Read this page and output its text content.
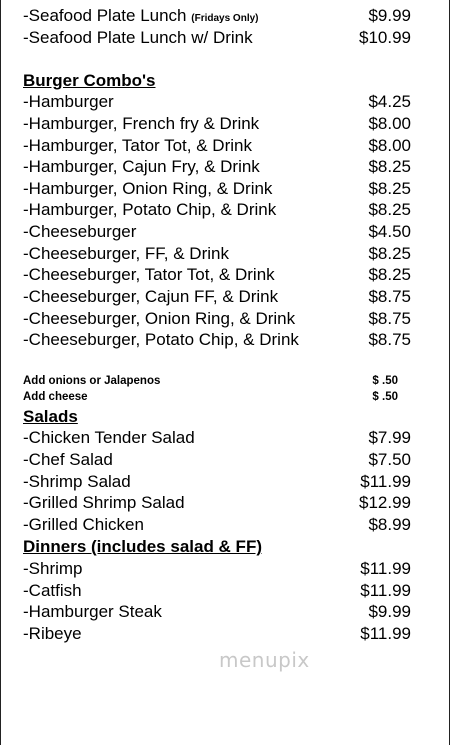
-Seafood Plate Lunch (Fridays Only)	$9.99
-Seafood Plate Lunch w/ Drink	$10.99
Burger Combo's
-Hamburger	$4.25
-Hamburger, French fry & Drink	$8.00
-Hamburger, Tator Tot, & Drink	$8.00
-Hamburger, Cajun Fry, & Drink	$8.25
-Hamburger, Onion Ring, & Drink	$8.25
-Hamburger, Potato Chip, & Drink	$8.25
-Cheeseburger	$4.50
-Cheeseburger, FF, & Drink	$8.25
-Cheeseburger, Tator Tot, & Drink	$8.25
-Cheeseburger, Cajun FF, & Drink	$8.75
-Cheeseburger, Onion Ring, & Drink	$8.75
-Cheeseburger, Potato Chip, & Drink	$8.75
Add onions or Jalapenos	$ .50
Add cheese	$ .50
Salads
-Chicken Tender Salad	$7.99
-Chef Salad	$7.50
-Shrimp Salad	$11.99
-Grilled Shrimp Salad	$12.99
-Grilled Chicken	$8.99
Dinners (includes salad & FF)
-Shrimp	$11.99
-Catfish	$11.99
-Hamburger Steak	$9.99
-Ribeye	$11.99
menupix
